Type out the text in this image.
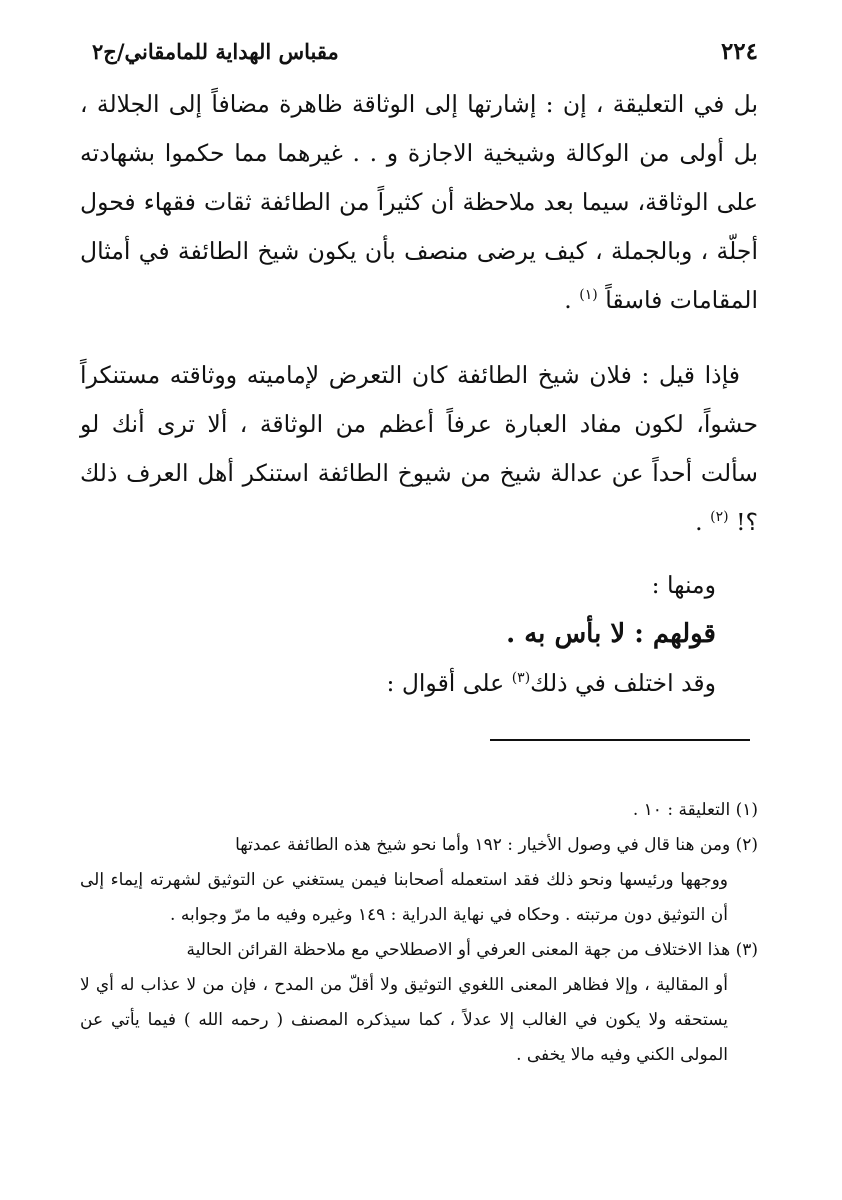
٢٢٤
مقباس الهداية للمامقاني/ج٢

بل في التعليقة ، إن : إشارتها إلى الوثاقة ظاهرة مضافاً إلى الجلالة ، بل أولى من الوكالة وشيخية الاجازة و . . غيرهما مما حكموا بشهادته على الوثاقة، سيما بعد ملاحظة أن كثيراً من الطائفة ثقات فقهاء فحول أجلّة ، وبالجملة ، كيف يرضى منصف بأن يكون شيخ الطائفة في أمثال المقامات فاسقاً $^{(١)}$ .

فإذا قيل : فلان شيخ الطائفة كان التعرض لإماميته ووثاقته مستنكراً حشواً، لكون مفاد العبارة عرفاً أعظم من الوثاقة ، ألا ترى أنك لو سألت أحداً عن عدالة شيخ من شيوخ الطائفة استنكر أهل العرف ذلك ؟! $^{(٢)}$ .

ومنها :

قولهم : لا بأس به .

وقد اختلف في ذلك$^{(٣)}$ على أقوال :

(١) التعليقة : ١٠ .

(٢) ومن هنا قال في وصول الأخيار : ١٩٢ وأما نحو شيخ هذه الطائفة عمدتها

ووجهها ورئيسها ونحو ذلك فقد استعمله أصحابنا فيمن يستغني عن التوثيق لشهرته إيماء إلى أن التوثيق دون مرتبته . وحكاه في نهاية الدراية : ١٤٩ وغيره وفيه ما مرّ وجوابه .

(٣) هذا الاختلاف من جهة المعنى العرفي أو الاصطلاحي مع ملاحظة القرائن الحالية

أو المقالية ، وإلا فظاهر المعنى اللغوي التوثيق ولا أقلّ من المدح ، فإن من لا عذاب له أي لا يستحقه ولا يكون في الغالب إلا عدلاً ، كما سيذكره المصنف ( رحمه الله ) فيما يأتي عن المولى الكني وفيه مالا يخفى .
